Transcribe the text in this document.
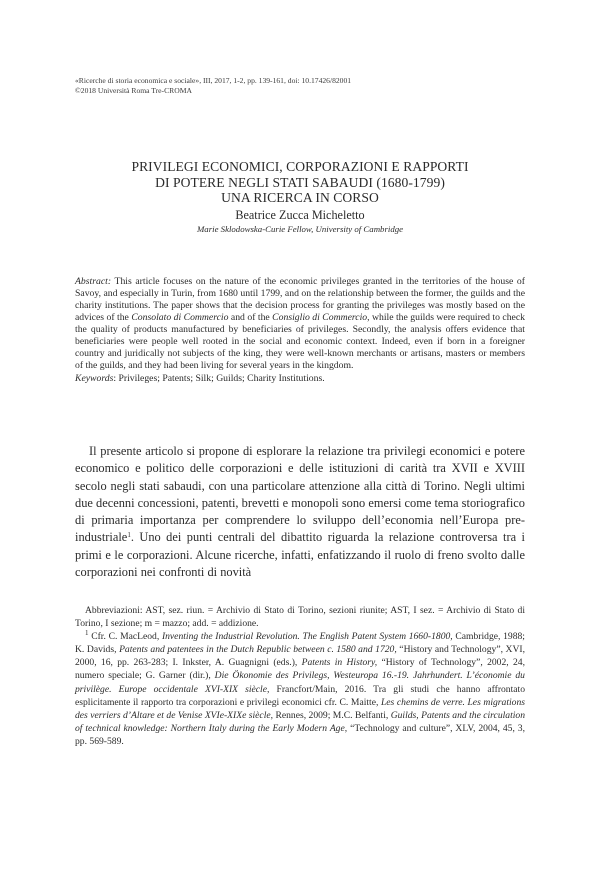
«Ricerche di storia economica e sociale», III, 2017, 1-2, pp. 139-161, doi: 10.17426/82001
©2018 Università Roma Tre-CROMA
PRIVILEGI ECONOMICI, CORPORAZIONI E RAPPORTI
DI POTERE NEGLI STATI SABAUDI (1680-1799)
UNA RICERCA IN CORSO
Beatrice Zucca Micheletto
Marie Sklodowska-Curie Fellow, University of Cambridge

Abstract: This article focuses on the nature of the economic privileges granted in the territories of the house of Savoy, and especially in Turin, from 1680 until 1799, and on the relationship between the former, the guilds and the charity institutions. The paper shows that the decision process for granting the privileges was mostly based on the advices of the Consolato di Commercio and of the Consiglio di Commercio, while the guilds were required to check the quality of products manufactured by beneficiaries of privileges. Secondly, the analysis offers evidence that beneficiaries were people well rooted in the social and economic context. Indeed, even if born in a foreigner country and juridically not subjects of the king, they were well-known merchants or artisans, masters or members of the guilds, and they had been living for several years in the kingdom.

Keywords: Privileges; Patents; Silk; Guilds; Charity Institutions.

Il presente articolo si propone di esplorare la relazione tra privilegi economici e potere economico e politico delle corporazioni e delle istituzioni di carità tra XVII e XVIII secolo negli stati sabaudi, con una particolare attenzione alla città di Torino. Negli ultimi due decenni concessioni, patenti, brevetti e monopoli sono emersi come tema storiografico di primaria importanza per comprendere lo sviluppo dell’economia nell’Europa pre-industriale$^1$. Uno dei punti centrali del dibattito riguarda la relazione controversa tra i primi e le corporazioni. Alcune ricerche, infatti, enfatizzando il ruolo di freno svolto dalle corporazioni nei confronti di novità

Abbreviazioni: AST, sez. riun. = Archivio di Stato di Torino, sezioni riunite; AST, I sez. = Archivio di Stato di Torino, I sezione; m = mazzo; add. = addizione.

$^1$ Cfr. C. MacLeod, Inventing the Industrial Revolution. The English Patent System 1660-1800, Cambridge, 1988; K. Davids, Patents and patentees in the Dutch Republic between c. 1580 and 1720, “History and Technology”, XVI, 2000, 16, pp. 263-283; I. Inkster, A. Guagnigni (eds.), Patents in History, “History of Technology”, 2002, 24, numero speciale; G. Garner (dir.), Die Ökonomie des Privilegs, Westeuropa 16.-19. Jahrhundert. L’économie du privilège. Europe occidentale XVI-XIX siècle, Francfort/Main, 2016. Tra gli studi che hanno affrontato esplicitamente il rapporto tra corporazioni e privilegi economici cfr. C. Maitte, Les chemins de verre. Les migrations des verriers d’Altare et de Venise XVIe-XIXe siècle, Rennes, 2009; M.C. Belfanti, Guilds, Patents and the circulation of technical knowledge: Northern Italy during the Early Modern Age, “Technology and culture”, XLV, 2004, 45, 3, pp. 569-589.
